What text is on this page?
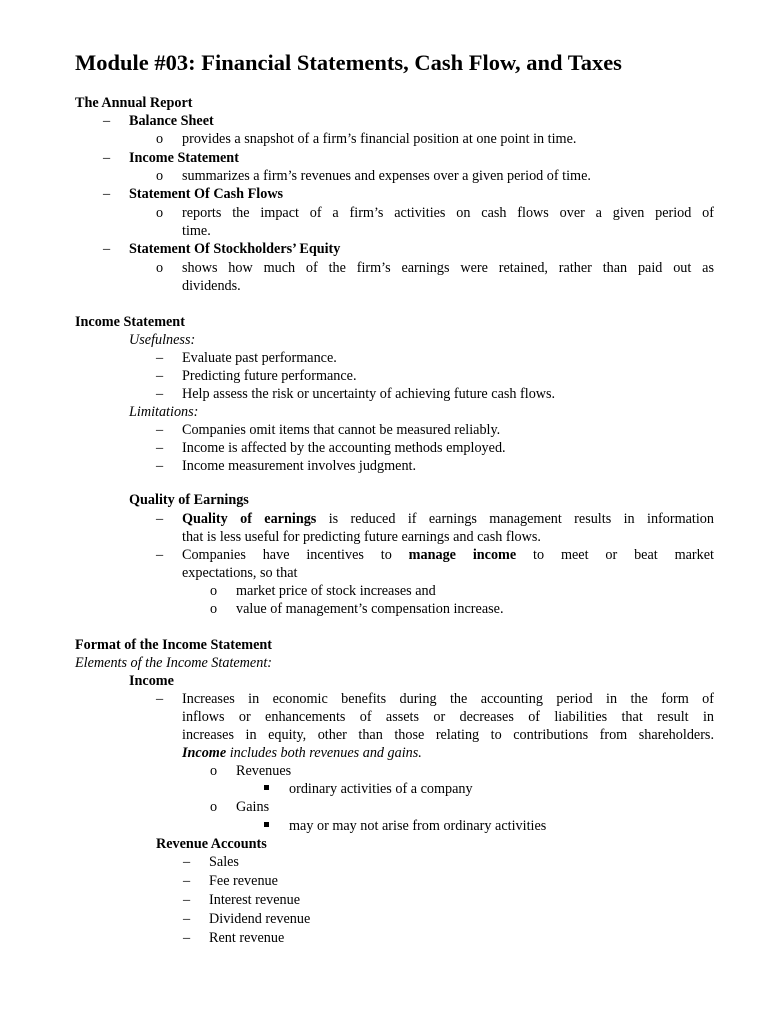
Module #03: Financial Statements, Cash Flow, and Taxes
The Annual Report
– Balance Sheet
o provides a snapshot of a firm’s financial position at one point in time.
– Income Statement
o summarizes a firm’s revenues and expenses over a given period of time.
– Statement Of Cash Flows
o reports the impact of a firm’s activities on cash flows over a given period of
time.
– Statement Of Stockholders’ Equity
o shows how much of the firm’s earnings were retained, rather than paid out as
dividends.
Income Statement
Usefulness:
– Evaluate past performance.
– Predicting future performance.
– Help assess the risk or uncertainty of achieving future cash flows.
Limitations:
– Companies omit items that cannot be measured reliably.
– Income is affected by the accounting methods employed.
– Income measurement involves judgment.
Quality of Earnings
– Quality of earnings is reduced if earnings management results in information
that is less useful for predicting future earnings and cash flows.
– Companies have incentives to manage income to meet or beat market
expectations, so that
o market price of stock increases and
o value of management’s compensation increase.
Format of the Income Statement
Elements of the Income Statement:
Income
– Increases in economic benefits during the accounting period in the form of
inflows or enhancements of assets or decreases of liabilities that result in
increases in equity, other than those relating to contributions from shareholders.
Income includes both revenues and gains.
o Revenues
ordinary activities of a company
o Gains
may or may not arise from ordinary activities
Revenue Accounts
– Sales
– Fee revenue
– Interest revenue
– Dividend revenue
– Rent revenue
